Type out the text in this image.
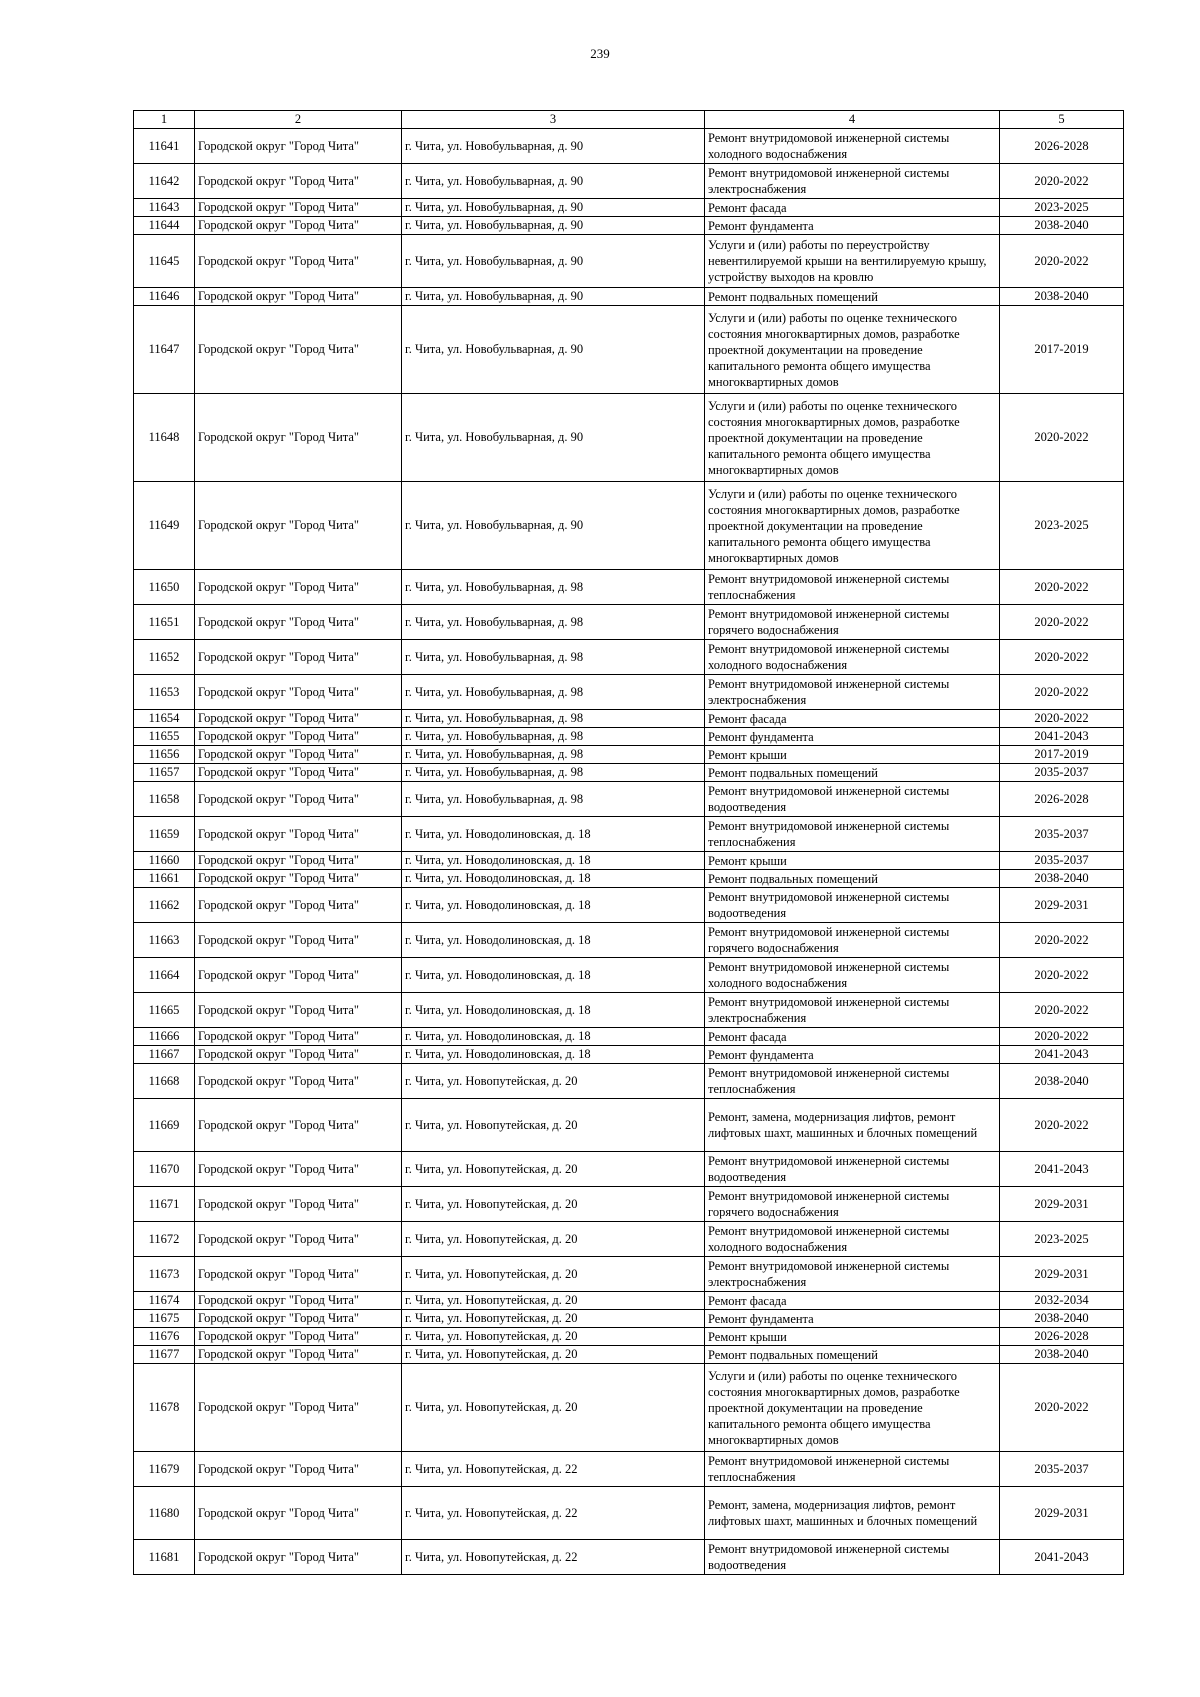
239
1	2	3	4	5
11641	Городской округ "Город Чита"	г. Чита, ул. Новобульварная, д. 90	Ремонт внутридомовой инженерной системы холодного водоснабжения	2026-2028
11642	Городской округ "Город Чита"	г. Чита, ул. Новобульварная, д. 90	Ремонт внутридомовой инженерной системы электроснабжения	2020-2022
11643	Городской округ "Город Чита"	г. Чита, ул. Новобульварная, д. 90	Ремонт фасада	2023-2025
11644	Городской округ "Город Чита"	г. Чита, ул. Новобульварная, д. 90	Ремонт фундамента	2038-2040
11645	Городской округ "Город Чита"	г. Чита, ул. Новобульварная, д. 90	Услуги и (или) работы по переустройству невентилируемой крыши на вентилируемую крышу, устройству выходов на кровлю	2020-2022
11646	Городской округ "Город Чита"	г. Чита, ул. Новобульварная, д. 90	Ремонт подвальных помещений	2038-2040
11647	Городской округ "Город Чита"	г. Чита, ул. Новобульварная, д. 90	Услуги и (или) работы по оценке технического состояния многоквартирных домов, разработке проектной документации на проведение капитального ремонта общего имущества многоквартирных домов	2017-2019
11648	Городской округ "Город Чита"	г. Чита, ул. Новобульварная, д. 90	Услуги и (или) работы по оценке технического состояния многоквартирных домов, разработке проектной документации на проведение капитального ремонта общего имущества многоквартирных домов	2020-2022
11649	Городской округ "Город Чита"	г. Чита, ул. Новобульварная, д. 90	Услуги и (или) работы по оценке технического состояния многоквартирных домов, разработке проектной документации на проведение капитального ремонта общего имущества многоквартирных домов	2023-2025
11650	Городской округ "Город Чита"	г. Чита, ул. Новобульварная, д. 98	Ремонт внутридомовой инженерной системы теплоснабжения	2020-2022
11651	Городской округ "Город Чита"	г. Чита, ул. Новобульварная, д. 98	Ремонт внутридомовой инженерной системы горячего водоснабжения	2020-2022
11652	Городской округ "Город Чита"	г. Чита, ул. Новобульварная, д. 98	Ремонт внутридомовой инженерной системы холодного водоснабжения	2020-2022
11653	Городской округ "Город Чита"	г. Чита, ул. Новобульварная, д. 98	Ремонт внутридомовой инженерной системы электроснабжения	2020-2022
11654	Городской округ "Город Чита"	г. Чита, ул. Новобульварная, д. 98	Ремонт фасада	2020-2022
11655	Городской округ "Город Чита"	г. Чита, ул. Новобульварная, д. 98	Ремонт фундамента	2041-2043
11656	Городской округ "Город Чита"	г. Чита, ул. Новобульварная, д. 98	Ремонт крыши	2017-2019
11657	Городской округ "Город Чита"	г. Чита, ул. Новобульварная, д. 98	Ремонт подвальных помещений	2035-2037
11658	Городской округ "Город Чита"	г. Чита, ул. Новобульварная, д. 98	Ремонт внутридомовой инженерной системы водоотведения	2026-2028
11659	Городской округ "Город Чита"	г. Чита, ул. Новодолиновская, д. 18	Ремонт внутридомовой инженерной системы теплоснабжения	2035-2037
11660	Городской округ "Город Чита"	г. Чита, ул. Новодолиновская, д. 18	Ремонт крыши	2035-2037
11661	Городской округ "Город Чита"	г. Чита, ул. Новодолиновская, д. 18	Ремонт подвальных помещений	2038-2040
11662	Городской округ "Город Чита"	г. Чита, ул. Новодолиновская, д. 18	Ремонт внутридомовой инженерной системы водоотведения	2029-2031
11663	Городской округ "Город Чита"	г. Чита, ул. Новодолиновская, д. 18	Ремонт внутридомовой инженерной системы горячего водоснабжения	2020-2022
11664	Городской округ "Город Чита"	г. Чита, ул. Новодолиновская, д. 18	Ремонт внутридомовой инженерной системы холодного водоснабжения	2020-2022
11665	Городской округ "Город Чита"	г. Чита, ул. Новодолиновская, д. 18	Ремонт внутридомовой инженерной системы электроснабжения	2020-2022
11666	Городской округ "Город Чита"	г. Чита, ул. Новодолиновская, д. 18	Ремонт фасада	2020-2022
11667	Городской округ "Город Чита"	г. Чита, ул. Новодолиновская, д. 18	Ремонт фундамента	2041-2043
11668	Городской округ "Город Чита"	г. Чита, ул. Новопутейская, д. 20	Ремонт внутридомовой инженерной системы теплоснабжения	2038-2040
11669	Городской округ "Город Чита"	г. Чита, ул. Новопутейская, д. 20	Ремонт, замена, модернизация лифтов, ремонт лифтовых шахт, машинных и блочных помещений	2020-2022
11670	Городской округ "Город Чита"	г. Чита, ул. Новопутейская, д. 20	Ремонт внутридомовой инженерной системы водоотведения	2041-2043
11671	Городской округ "Город Чита"	г. Чита, ул. Новопутейская, д. 20	Ремонт внутридомовой инженерной системы горячего водоснабжения	2029-2031
11672	Городской округ "Город Чита"	г. Чита, ул. Новопутейская, д. 20	Ремонт внутридомовой инженерной системы холодного водоснабжения	2023-2025
11673	Городской округ "Город Чита"	г. Чита, ул. Новопутейская, д. 20	Ремонт внутридомовой инженерной системы электроснабжения	2029-2031
11674	Городской округ "Город Чита"	г. Чита, ул. Новопутейская, д. 20	Ремонт фасада	2032-2034
11675	Городской округ "Город Чита"	г. Чита, ул. Новопутейская, д. 20	Ремонт фундамента	2038-2040
11676	Городской округ "Город Чита"	г. Чита, ул. Новопутейская, д. 20	Ремонт крыши	2026-2028
11677	Городской округ "Город Чита"	г. Чита, ул. Новопутейская, д. 20	Ремонт подвальных помещений	2038-2040
11678	Городской округ "Город Чита"	г. Чита, ул. Новопутейская, д. 20	Услуги и (или) работы по оценке технического состояния многоквартирных домов, разработке проектной документации на проведение капитального ремонта общего имущества многоквартирных домов	2020-2022
11679	Городской округ "Город Чита"	г. Чита, ул. Новопутейская, д. 22	Ремонт внутридомовой инженерной системы теплоснабжения	2035-2037
11680	Городской округ "Город Чита"	г. Чита, ул. Новопутейская, д. 22	Ремонт, замена, модернизация лифтов, ремонт лифтовых шахт, машинных и блочных помещений	2029-2031
11681	Городской округ "Город Чита"	г. Чита, ул. Новопутейская, д. 22	Ремонт внутридомовой инженерной системы водоотведения	2041-2043
